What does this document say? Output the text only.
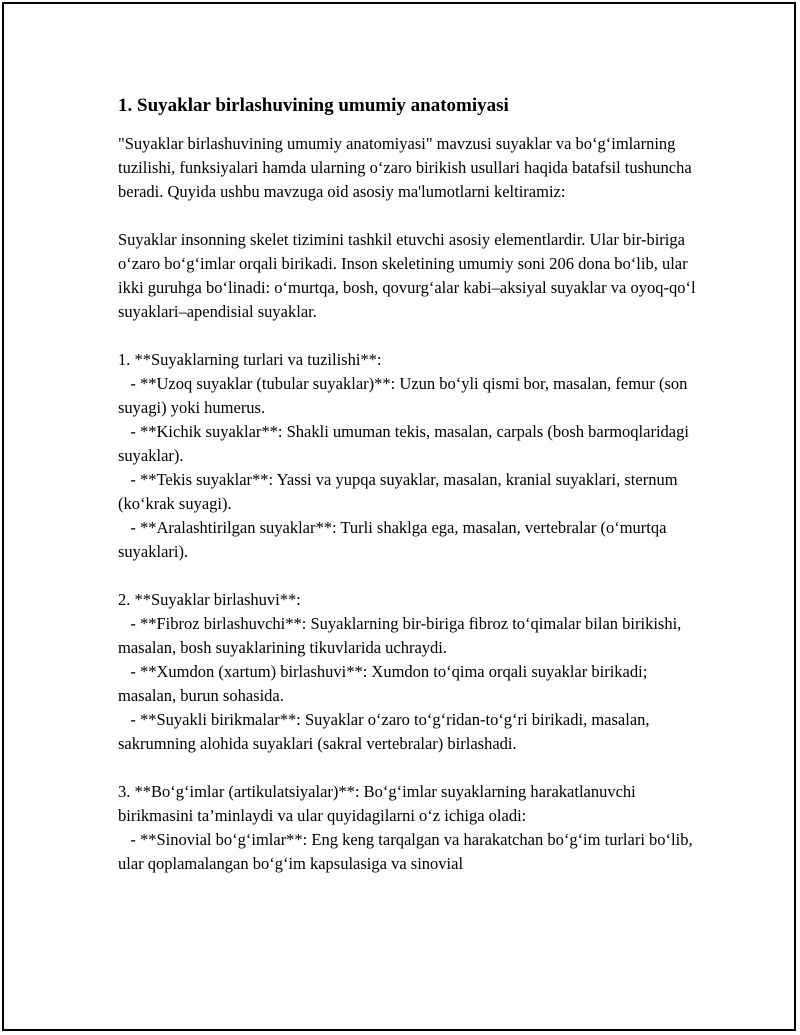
1. Suyaklar birlashuvining umumiy anatomiyasi

"Suyaklar birlashuvining umumiy anatomiyasi" mavzusi suyaklar va bo‘g‘imlarning tuzilishi, funksiyalari hamda ularning o‘zaro birikish usullari haqida batafsil tushuncha beradi. Quyida ushbu mavzuga oid asosiy ma'lumotlarni keltiramiz:

Suyaklar insonning skelet tizimini tashkil etuvchi asosiy elementlardir. Ular bir-biriga o‘zaro bo‘g‘imlar orqali birikadi. Inson skeletining umumiy soni 206 dona bo‘lib, ular ikki guruhga bo‘linadi: o‘murtqa, bosh, qovurg‘alar kabi–aksiyal suyaklar va oyoq-qo‘l suyaklari–apendisial suyaklar.

1. **Suyaklarning turlari va tuzilishi**:
- **Uzoq suyaklar (tubular suyaklar)**: Uzun bo‘yli qismi bor, masalan, femur (son suyagi) yoki humerus.
- **Kichik suyaklar**: Shakli umuman tekis, masalan, carpals (bosh barmoqlaridagi suyaklar).
- **Tekis suyaklar**: Yassi va yupqa suyaklar, masalan, kranial suyaklari, sternum (ko‘krak suyagi).
- **Aralashtirilgan suyaklar**: Turli shaklga ega, masalan, vertebralar (o‘murtqa suyaklari).

2. **Suyaklar birlashuvi**:
- **Fibroz birlashuvchi**: Suyaklarning bir-biriga fibroz to‘qimalar bilan birikishi, masalan, bosh suyaklarining tikuvlarida uchraydi.
- **Xumdon (xartum) birlashuvi**: Xumdon to‘qima orqali suyaklar birikadi; masalan, burun sohasida.
- **Suyakli birikmalar**: Suyaklar o‘zaro to‘g‘ridan-to‘g‘ri birikadi, masalan, sakrumning alohida suyaklari (sakral vertebralar) birlashadi.

3. **Bo‘g‘imlar (artikulatsiyalar)**: Bo‘g‘imlar suyaklarning harakatlanuvchi birikmasini ta’minlaydi va ular quyidagilarni o‘z ichiga oladi:
- **Sinovial bo‘g‘imlar**: Eng keng tarqalgan va harakatchan bo‘g‘im turlari bo‘lib, ular qoplamalangan bo‘g‘im kapsulasiga va sinovial
